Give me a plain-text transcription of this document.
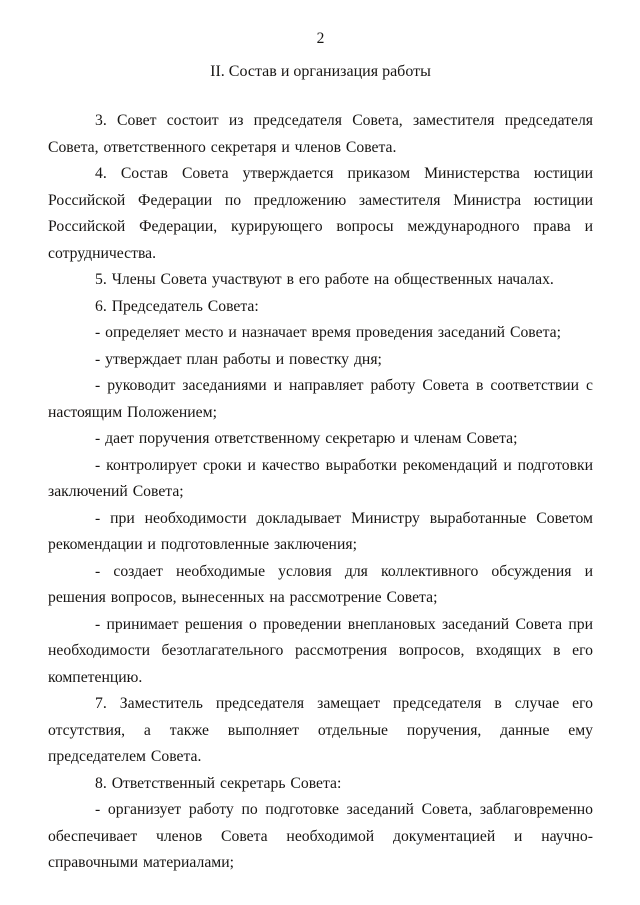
2

II. Состав и организация работы

3. Совет состоит из председателя Совета, заместителя председателя Совета, ответственного секретаря и членов Совета.

4. Состав Совета утверждается приказом Министерства юстиции Российской Федерации по предложению заместителя Министра юстиции Российской Федерации, курирующего вопросы международного права и сотрудничества.

5. Члены Совета участвуют в его работе на общественных началах.

6. Председатель Совета:

- определяет место и назначает время проведения заседаний Совета;

- утверждает план работы и повестку дня;

- руководит заседаниями и направляет работу Совета в соответствии с настоящим Положением;

- дает поручения ответственному секретарю и членам Совета;

- контролирует сроки и качество выработки рекомендаций и подготовки заключений Совета;

- при необходимости докладывает Министру выработанные Советом рекомендации и подготовленные заключения;

- создает необходимые условия для коллективного обсуждения и решения вопросов, вынесенных на рассмотрение Совета;

- принимает решения о проведении внеплановых заседаний Совета при необходимости безотлагательного рассмотрения вопросов, входящих в его компетенцию.

7. Заместитель председателя замещает председателя в случае его отсутствия, а также выполняет отдельные поручения, данные ему председателем Совета.

8. Ответственный секретарь Совета:

- организует работу по подготовке заседаний Совета, заблаговременно обеспечивает членов Совета необходимой документацией и научно-справочными материалами;
